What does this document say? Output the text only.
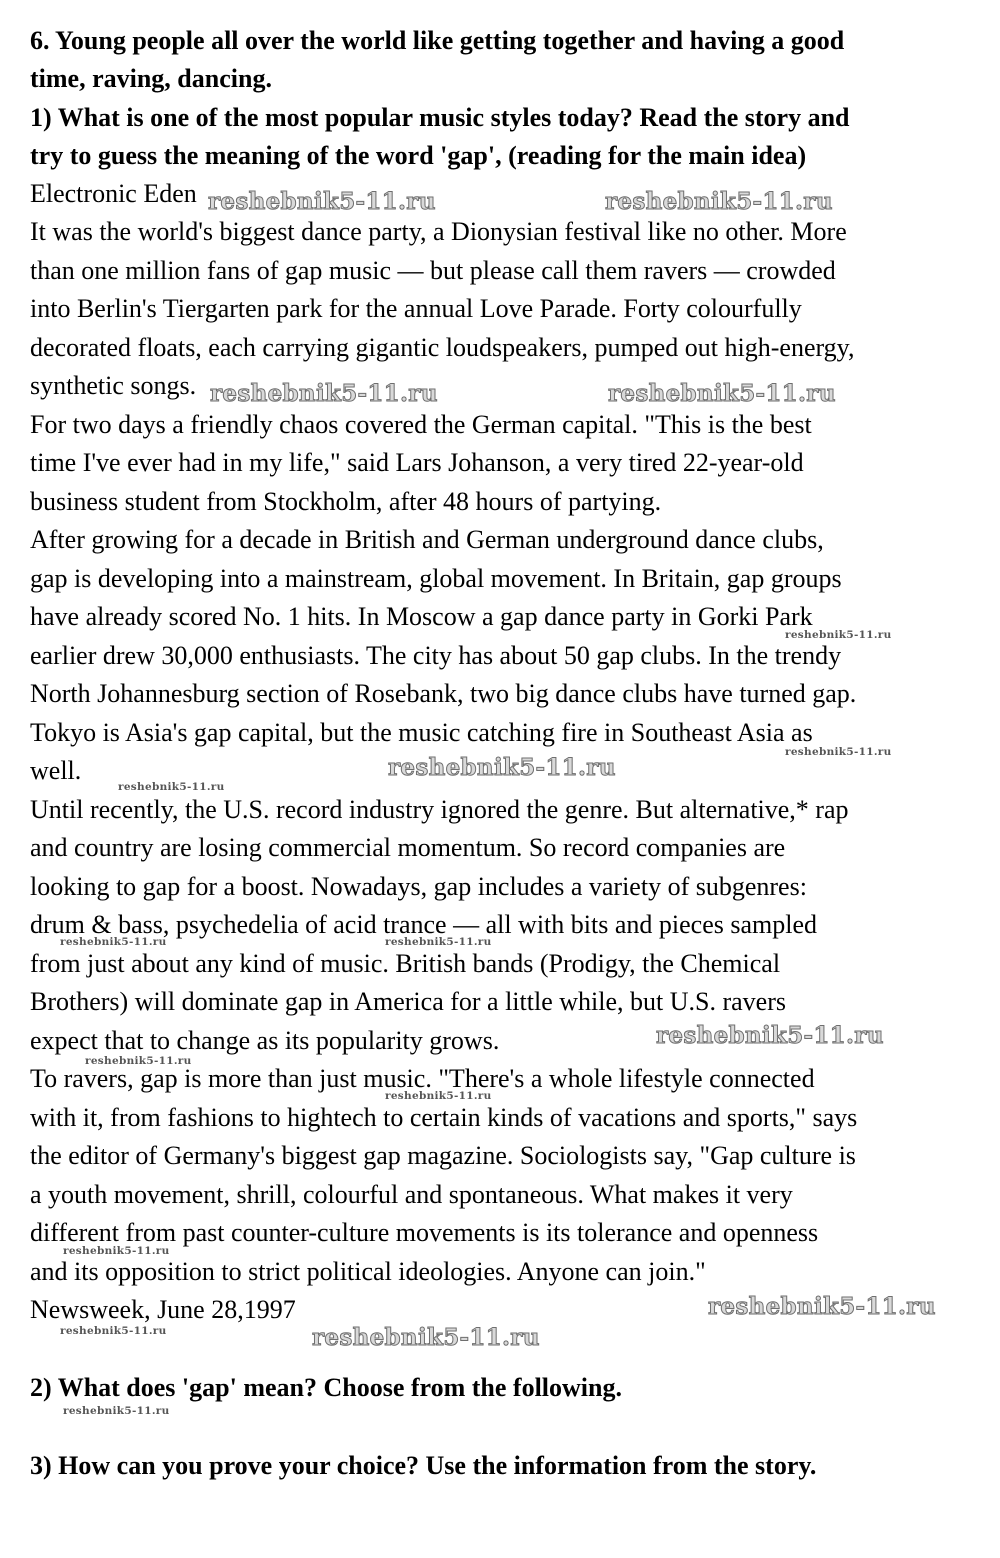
6. Young people all over the world like getting together and having a good
time, raving, dancing.
1) What is one of the most popular music styles today? Read the story and
try to guess the meaning of the word 'gap', (reading for the main idea)
Electronic Eden
It was the world's biggest dance party, a Dionysian festival like no other. More
than one million fans of gap music — but please call them ravers — crowded
into Berlin's Tiergarten park for the annual Love Parade. Forty colourfully
decorated floats, each carrying gigantic loudspeakers, pumped out high-energy,
synthetic songs.
For two days a friendly chaos covered the German capital. "This is the best
time I've ever had in my life," said Lars Johanson, a very tired 22-year-old
business student from Stockholm, after 48 hours of partying.
After growing for a decade in British and German underground dance clubs,
gap is developing into a mainstream, global movement. In Britain, gap groups
have already scored No. 1 hits. In Moscow a gap dance party in Gorki Park
earlier drew 30,000 enthusiasts. The city has about 50 gap clubs. In the trendy
North Johannesburg section of Rosebank, two big dance clubs have turned gap.
Tokyo is Asia's gap capital, but the music catching fire in Southeast Asia as
well.
Until recently, the U.S. record industry ignored the genre. But alternative,* rap
and country are losing commercial momentum. So record companies are
looking to gap for a boost. Nowadays, gap includes a variety of subgenres:
drum & bass, psychedelia of acid trance — all with bits and pieces sampled
from just about any kind of music. British bands (Prodigy, the Chemical
Brothers) will dominate gap in America for a little while, but U.S. ravers
expect that to change as its popularity grows.
To ravers, gap is more than just music. "There's a whole lifestyle connected
with it, from fashions to hightech to certain kinds of vacations and sports," says
the editor of Germany's biggest gap magazine. Sociologists say, "Gap culture is
a youth movement, shrill, colourful and spontaneous. What makes it very
different from past counter-culture movements is its tolerance and openness
and its opposition to strict political ideologies. Anyone can join."
Newsweek, June 28,1997
2) What does 'gap' mean? Choose from the following.
3) How can you prove your choice? Use the information from the story.
reshebnik5-11.ru	reshebnik5-11.ru
reshebnik5-11.ru	reshebnik5-11.ru
reshebnik5-11.ru
reshebnik5-11.ru
reshebnik5-11.ru
reshebnik5-11.ru
reshebnik5-11.ru
reshebnik5-11.ru
reshebnik5-11.ru
reshebnik5-11.ru	reshebnik5-11.ru
reshebnik5-11.ru
reshebnik5-11.ru
reshebnik5-11.ru
reshebnik5-11.ru
reshebnik5-11.ru
